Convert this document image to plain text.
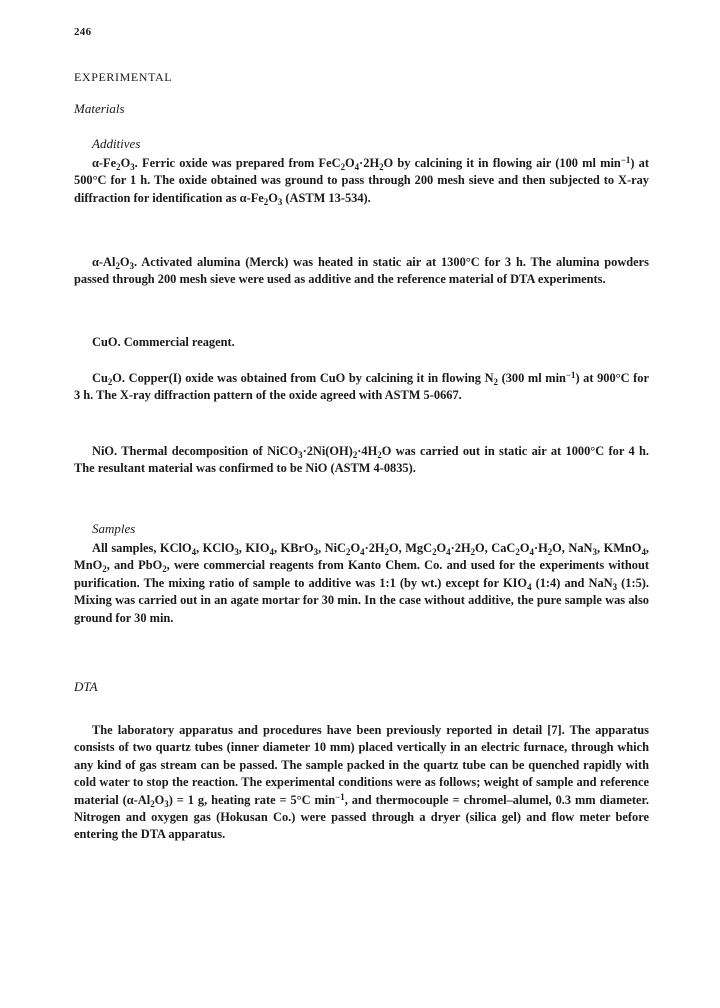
246
EXPERIMENTAL
Materials
Additives

$\alpha-Fe_2O_3$. Ferric oxide was prepared from $FeC_2O_4\cdot 2H_2O$ by calcining it in flowing air (100 ml $\min^{-1}$) at 500°C for 1 h. The oxide obtained was ground to pass through 200 mesh sieve and then subjected to X-ray diffraction for identification as $\alpha-Fe_2O_3$ (ASTM 13-534).

$\alpha-Al_2O_3$. Activated alumina (Merck) was heated in static air at 1300°C for 3 h. The alumina powders passed through 200 mesh sieve were used as additive and the reference material of DTA experiments.

CuO. Commercial reagent.

$Cu_2O$. Copper(I) oxide was obtained from CuO by calcining it in flowing $N_2$ (300 ml $\min^{-1}$) at 900°C for 3 h. The X-ray diffraction pattern of the oxide agreed with ASTM 5-0667.

NiO. Thermal decomposition of $NiCO_3\cdot 2Ni(OH)_2\cdot 4H_2O$ was carried out in static air at 1000°C for 4 h. The resultant material was confirmed to be NiO (ASTM 4-0835).

Samples

All samples, KClO$_4$, KClO$_3$, $KIO_4$, KBrO$_3$, $NiC_2O_4\cdot 2H_2O$, $MgC_2O_4\cdot 2H_2O$, $CaC_2O_4\cdot H_2O$, NaN$_3$, KMnO$_4$, MnO$_2$, and PbO$_2$, were commercial reagents from Kanto Chem. Co. and used for the experiments without purification. The mixing ratio of sample to additive was 1:1 (by wt.) except for $KIO_4$ (1:4) and NaN$_3$ (1:5). Mixing was carried out in an agate mortar for 30 min. In the case without additive, the pure sample was also ground for 30 min.

DTA

The laboratory apparatus and procedures have been previously reported in detail [7]. The apparatus consists of two quartz tubes (inner diameter 10 mm) placed vertically in an electric furnace, through which any kind of gas stream can be passed. The sample packed in the quartz tube can be quenched rapidly with cold water to stop the reaction. The experimental conditions were as follows; weight of sample and reference material $(\alpha-Al_2O_3) = 1$ g, heating rate = 5°C $\min^{-1}$, and thermocouple = chromel–alumel, 0.3 mm diameter. Nitrogen and oxygen gas (Hokusan Co.) were passed through a dryer (silica gel) and flow meter before entering the DTA apparatus.
